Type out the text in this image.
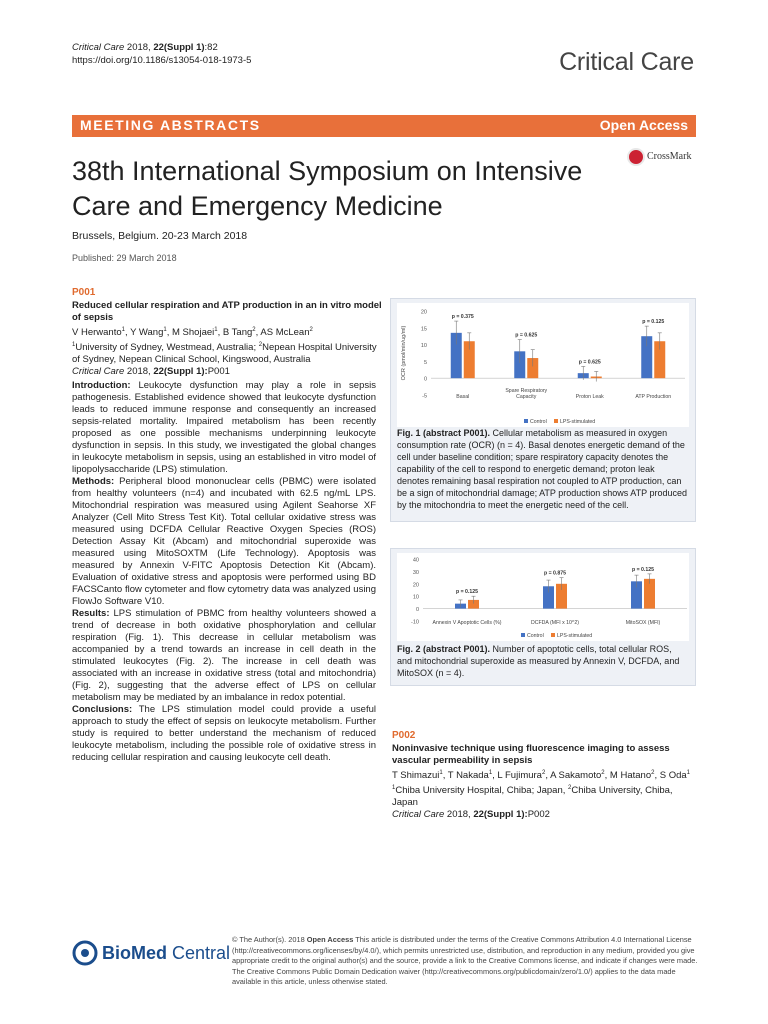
Critical Care 2018, 22(Suppl 1):82
https://doi.org/10.1186/s13054-018-1973-5	Critical Care
MEETING ABSTRACTS	Open Access
38th International Symposium on Intensive Care and Emergency Medicine
CrossMark
Brussels, Belgium. 20-23 March 2018
Published: 29 March 2018
P001
Reduced cellular respiration and ATP production in an in vitro model of sepsis
V Herwanto$^1$, Y Wang$^1$, M Shojaei$^1$, B Tang$^2$, AS McLean$^2$
$^1$University of Sydney, Westmead, Australia; $^2$Nepean Hospital University of Sydney, Nepean Clinical School, Kingswood, Australia
Critical Care 2018, 22(Suppl 1):P001

Introduction: Leukocyte dysfunction may play a role in sepsis pathogenesis. Established evidence showed that leukocyte dysfunction leads to reduced immune response and consequently an increased sepsis-related mortality. Impaired metabolism has been recently proposed as one possible mechanisms underpinning leukocyte dysfunction in sepsis. In this study, we investigated the global changes in leukocyte metabolism in sepsis, using an established in vitro model of lipopolysaccharide (LPS) stimulation.

Methods: Peripheral blood mononuclear cells (PBMC) were isolated from healthy volunteers (n=4) and incubated with 62.5 ng/mL LPS. Mitochondrial respiration was measured using Agilent Seahorse XF Analyzer (Cell Mito Stress Test Kit). Total cellular oxidative stress was measured using DCFDA Cellular Reactive Oxygen Species (ROS) Detection Assay Kit (Abcam) and mitochondrial superoxide was measured using MitoSOXTM (Life Technology). Apoptosis was measured by Annexin V-FITC Apoptosis Detection Kit (Abcam). Evaluation of oxidative stress and apoptosis were performed using BD FACSCanto flow cytometer and flow cytometry data was analyzed using FlowJo Software V10.

Results: LPS stimulation of PBMC from healthy volunteers showed a trend of decrease in both oxidative phosphorylation and cellular respiration (Fig. 1). This decrease in cellular metabolism was accompanied by a trend towards an increase in cell death in the stimulated leukocytes (Fig. 2). The increase in cell death was associated with an increase in oxidative stress (total and mitochondria) (Fig. 2), suggesting that the adverse effect of LPS on cellular metabolism may be mediated by an imbalance in redox potential.

Conclusions: The LPS stimulation model could provide a useful approach to study the effect of sepsis on leukocyte metabolism. Further study is required to better understand the mechanism of reduced leukocyte metabolism, including the possible role of oxidative stress in reducing cellular respiration and causing leukocyte cell death.

-5
0
5
10
15
20
OCR (pmol/min/ug/ml)
Basal
p = 0.375
Spare Respiratory
Capacity
p = 0.625
Proton Leak
p = 0.625
ATP Production
p = 0.125
Control	LPS-stimulated
Fig. 1 (abstract P001). Cellular metabolism as measured in oxygen consumption rate (OCR) (n = 4). Basal denotes energetic demand of the cell under baseline condition; spare respiratory capacity denotes the capability of the cell to respond to energetic demand; proton leak denotes remaining basal respiration not coupled to ATP production, can be a sign of mitochondrial damage; ATP production shows ATP produced by the mitochondria to meet the energetic need of the cell.
-10
0
10
20
30
40
Annexin V Apoptotic Cells (%)
p = 0.125
DCFDA (MFI x 10^2)
p = 0.875
MitoSOX (MFI)
p = 0.125
Control	LPS-stimulated
Fig. 2 (abstract P001). Number of apoptotic cells, total cellular ROS, and mitochondrial superoxide as measured by Annexin V, DCFDA, and MitoSOX (n = 4).
P002
Noninvasive technique using fluorescence imaging to assess vascular permeability in sepsis
T Shimazui$^1$, T Nakada$^1$, L Fujimura$^2$, A Sakamoto$^2$, M Hatano$^2$, S Oda$^1$
$^1$Chiba University Hospital, Chiba; Japan, $^2$Chiba University, Chiba, Japan
Critical Care 2018, 22(Suppl 1):P002
BioMed Central
© The Author(s). 2018 Open Access This article is distributed under the terms of the Creative Commons Attribution 4.0 International License (http://creativecommons.org/licenses/by/4.0/), which permits unrestricted use, distribution, and reproduction in any medium, provided you give appropriate credit to the original author(s) and the source, provide a link to the Creative Commons license, and indicate if changes were made. The Creative Commons Public Domain Dedication waiver (http://creativecommons.org/publicdomain/zero/1.0/) applies to the data made available in this article, unless otherwise stated.
